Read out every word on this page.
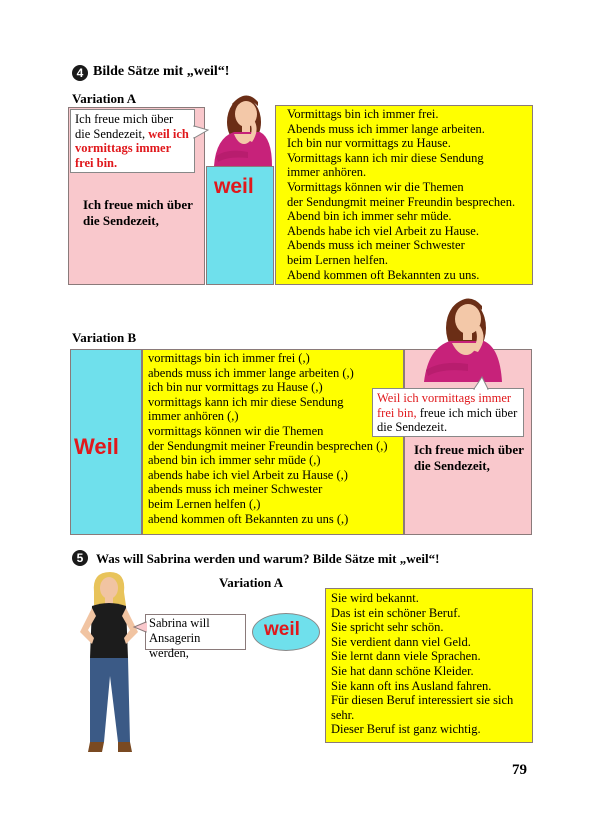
4 Bilde Sätze mit „weil“!
Variation A
Ich freue mich über die Sendezeit, weil ich vormittags immer frei bin.
Ich freue mich über die Sendezeit,
weil
Vormittags bin ich immer frei.
Abends muss ich immer lange arbeiten.
Ich bin nur vormittags zu Hause.
Vormittags kann ich mir diese Sendung
immer anhören.
Vormittags können wir die Themen
der Sendungmit meiner Freundin besprechen.
Abend bin ich immer sehr müde.
Abends habe ich viel Arbeit zu Hause.
Abends muss ich meiner Schwester
beim Lernen helfen.
Abend kommen oft Bekannten zu uns.
Variation B
Weil
vormittags bin ich immer frei (,)
abends muss ich immer lange arbeiten (,)
ich bin nur vormittags zu Hause (,)
vormittags kann ich mir diese Sendung
immer anhören (,)
vormittags können wir die Themen
der Sendungmit meiner Freundin besprechen (,)
abend bin ich immer sehr müde (,)
abends habe ich viel Arbeit zu Hause (,)
abends muss ich meiner Schwester
beim Lernen helfen (,)
abend kommen oft Bekannten zu uns (,)
Weil ich vormittags immer frei bin, freue ich mich über die Sendezeit.
Ich freue mich über die Sendezeit,
5 Was will Sabrina werden und warum? Bilde Sätze mit „weil“!
Variation A
Sabrina will Ansagerin werden,
weil
Sie wird bekannt.
Das ist ein schöner Beruf.
Sie spricht sehr schön.
Sie verdient dann viel Geld.
Sie lernt dann viele Sprachen.
Sie hat dann schöne Kleider.
Sie kann oft ins Ausland fahren.
Für diesen Beruf interessiert sie sich
sehr.
Dieser Beruf ist ganz wichtig.
79
